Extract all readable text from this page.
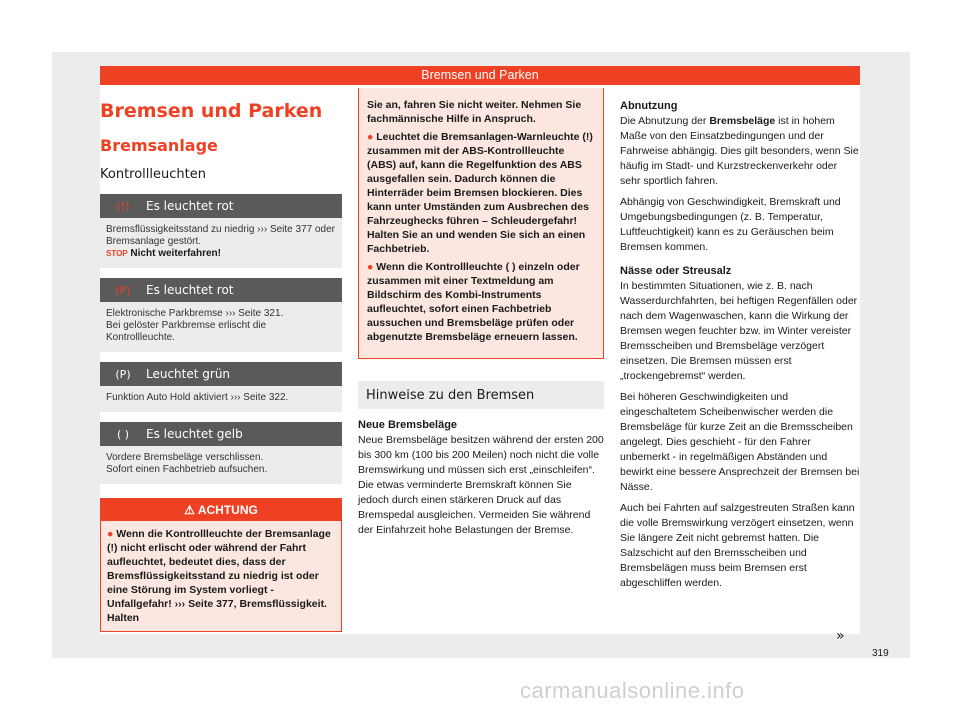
Bremsen und Parken
Bremsen und Parken
Bremsanlage
Kontrollleuchten
(!)	Es leuchtet rot
Bremsflüssigkeitsstand zu niedrig ››› Seite 377 oder Bremsanlage gestört.
STOP Nicht weiterfahren!
(P)	Es leuchtet rot
Elektronische Parkbremse ››› Seite 321.
Bei gelöster Parkbremse erlischt die Kontrollleuchte.
(P)	Leuchtet grün
Funktion Auto Hold aktiviert ››› Seite 322.
( )	Es leuchtet gelb
Vordere Bremsbeläge verschlissen.
Sofort einen Fachbetrieb aufsuchen.
⚠ ACHTUNG
● Wenn die Kontrollleuchte der Bremsanlage (!) nicht erlischt oder während der Fahrt aufleuchtet, bedeutet dies, dass der Bremsflüssigkeitsstand zu niedrig ist oder eine Störung im System vorliegt - Unfallgefahr! ››› Seite 377, Bremsflüssigkeit. Halten

Sie an, fahren Sie nicht weiter. Nehmen Sie fachmännische Hilfe in Anspruch.

● Leuchtet die Bremsanlagen-Warnleuchte (!) zusammen mit der ABS-Kontrollleuchte (ABS) auf, kann die Regelfunktion des ABS ausgefallen sein. Dadurch können die Hinterräder beim Bremsen blockieren. Dies kann unter Umständen zum Ausbrechen des Fahrzeughecks führen – Schleudergefahr! Halten Sie an und wenden Sie sich an einen Fachbetrieb.

● Wenn die Kontrollleuchte ( ) einzeln oder zusammen mit einer Textmeldung am Bildschirm des Kombi-Instruments aufleuchtet, sofort einen Fachbetrieb aussuchen und Bremsbeläge prüfen oder abgenutzte Bremsbeläge erneuern lassen.

Hinweise zu den Bremsen
Neue Bremsbeläge
Neue Bremsbeläge besitzen während der ersten 200 bis 300 km (100 bis 200 Meilen) noch nicht die volle Bremswirkung und müssen sich erst „einschleifen“. Die etwas verminderte Bremskraft können Sie jedoch durch einen stärkeren Druck auf das Bremspedal ausgleichen. Vermeiden Sie während der Einfahrzeit hohe Belastungen der Bremse.
Abnutzung
Die Abnutzung der Bremsbeläge ist in hohem Maße von den Einsatzbedingungen und der Fahrweise abhängig. Dies gilt besonders, wenn Sie häufig im Stadt- und Kurzstreckenverkehr oder sehr sportlich fahren.
Abhängig von Geschwindigkeit, Bremskraft und Umgebungsbedingungen (z. B. Temperatur, Luftfeuchtigkeit) kann es zu Geräuschen beim Bremsen kommen.
Nässe oder Streusalz
In bestimmten Situationen, wie z. B. nach Wasserdurchfahrten, bei heftigen Regenfällen oder nach dem Wagenwaschen, kann die Wirkung der Bremsen wegen feuchter bzw. im Winter vereister Bremsscheiben und Bremsbeläge verzögert einsetzen. Die Bremsen müssen erst „trockengebremst“ werden.
Bei höheren Geschwindigkeiten und eingeschaltetem Scheibenwischer werden die Bremsbeläge für kurze Zeit an die Bremsscheiben angelegt. Dies geschieht - für den Fahrer unbemerkt - in regelmäßigen Abständen und bewirkt eine bessere Ansprechzeit der Bremsen bei Nässe.
Auch bei Fahrten auf salzgestreuten Straßen kann die volle Bremswirkung verzögert einsetzen, wenn Sie längere Zeit nicht gebremst hatten. Die Salzschicht auf den Bremsscheiben und Bremsbelägen muss beim Bremsen erst abgeschliffen werden.
»
319
carmanualsonline.info
